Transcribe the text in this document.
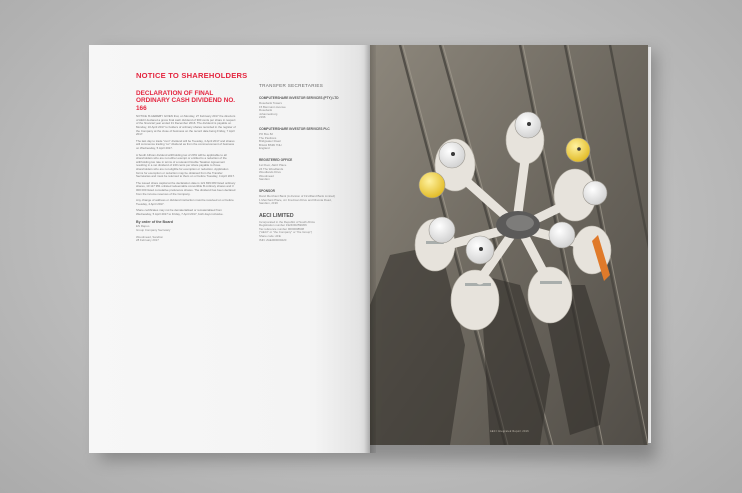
NOTICE TO SHAREHOLDERS
DECLARATION OF FINAL ORDINARY CASH DIVIDEND NO. 166

NOTICE IS HEREBY GIVEN that, on Monday, 27 February 2017 the directors of AECI declared a gross final cash dividend of 300 cents per share in respect of the financial year ended 31 December 2016. The dividend is payable on Monday, 10 April 2017 to holders of ordinary shares recorded in the register of the Company at the close of business on the record date being Friday, 7 April 2017.

The last day to trade "cum" dividend will be Tuesday, 4 April 2017 and shares will commence trading "ex" dividend as from the commencement of business on Wednesday, 5 April 2017.

A South African dividend withholding tax of 20% will be applicable to all shareholders who are not either exempt or entitled to a reduction of the withholding tax rate in terms of a relevant Double Taxation Agreement resulting in a net dividend of 240 cents per share payable to those shareholders who are not eligible for exemption or reduction. Application forms for exemption or reduction may be obtained from the Transfer Secretaries and must be returned to them on or before Tuesday, 4 April 2017.

The issued share capital at the declaration date is 121 829 083 listed ordinary shares, 10 117 951 unlisted redeemable convertible B ordinary shares and 3 000 000 listed cumulative preference shares. The dividend has been declared from the income reserves of the Company.

Any change of address or dividend instruction must be received on or before Tuesday, 4 April 2017.

Share certificates may not be dematerialised or rematerialised from Wednesday, 5 April 2017 to Friday, 7 April 2017, both days inclusive.

By order of the Board

EN Rapoo

Group Company Secretary

Woodmead, Sandton

28 February 2017

TRANSFER SECRETARIES
COMPUTERSHARE INVESTOR SERVICES (PTY) LTD
Rosebank Towers
15 Biermann Avenue
Rosebank
Johannesburg
2196
COMPUTERSHARE INVESTOR SERVICES PLC
PO Box 82
The Pavilions
Bridgwater Road
Bristol BS99 7NH
England
REGISTERED OFFICE
1st Floor, AECI Place
24 The Woodlands
Woodlands Drive
Woodmead
Sandton
SPONSOR
Rand Merchant Bank (A division of FirstRand Bank Limited)
1 Merchant Place, cnr Fredman Drive and Rivonia Road,
Sandton, 2196
AECI LIMITED
Incorporated in the Republic of South Africa
Registration number 1924/002590/06
Tax reference number 9000008608
("AECI" or "the Company" or "the Group")
Share code: AFE
ISIN: ZAE000000220
AECI Integrated Report 2016
